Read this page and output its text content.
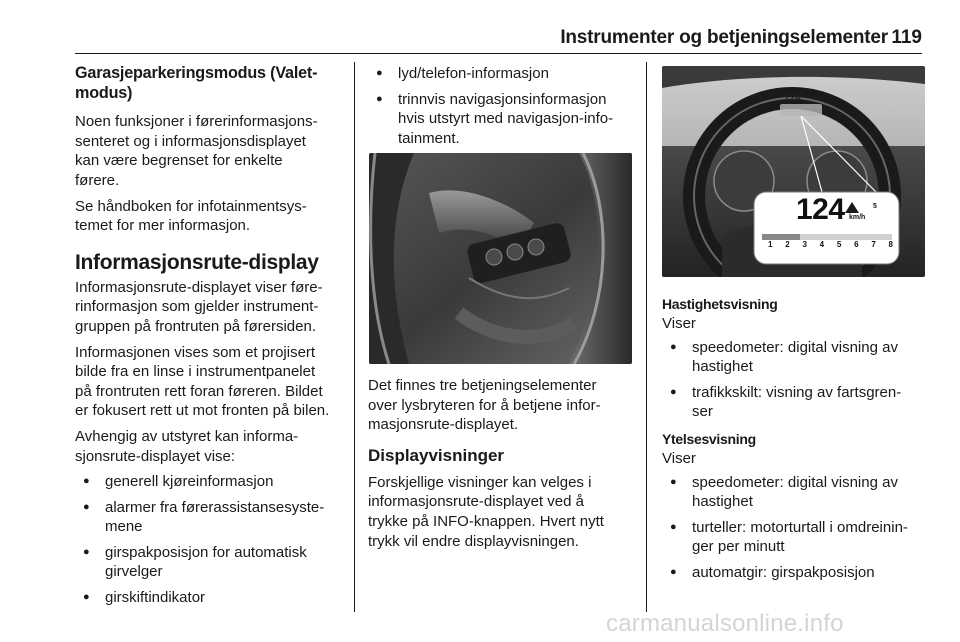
Instrumenter og betjeningselementer 119
Garasjeparkeringsmodus (Valet-
modus)

Noen funksjoner i førerinformasjons-
senteret og i informasjonsdisplayet
kan være begrenset for enkelte
førere.

Se håndboken for infotainmentsys-
temet for mer informasjon.

Informasjonsrute-display

Informasjonsrute-displayet viser føre-
rinformasjon som gjelder instrument-
gruppen på frontruten på førersiden.

Informasjonen vises som et projisert
bilde fra en linse i instrumentpanelet
på frontruten rett foran føreren. Bildet
er fokusert rett ut mot fronten på bilen.

Avhengig av utstyret kan informa-
sjonsrute-displayet vise:

● generell kjøreinformasjon
● alarmer fra førerassistansesyste-
mene
● girspakposisjon for automatisk
girvelger
● girskiftindikator
● lyd/telefon-informasjon
● trinnvis navigasjonsinformasjon
hvis utstyrt med navigasjon-info-
tainment.

Det finnes tre betjeningselementer
over lysbryteren for å betjene infor-
masjonsrute-displayet.

Displayvisninger

Forskjellige visninger kan velges i
informasjonsrute-displayet ved å
trykke på INFO-knappen. Hvert nytt
trykk vil endre displayvisningen.

124
124 km/h
5
1 2 3 4 5 6 7 8
Hastighetsvisning

Viser

● speedometer: digital visning av
hastighet
● trafikkskilt: visning av fartsgren-
ser
Ytelsesvisning

Viser

● speedometer: digital visning av
hastighet
● turteller: motorturtall i omdreinin-
ger per minutt
● automatgir: girspakposisjon
carmanualsonline.info
